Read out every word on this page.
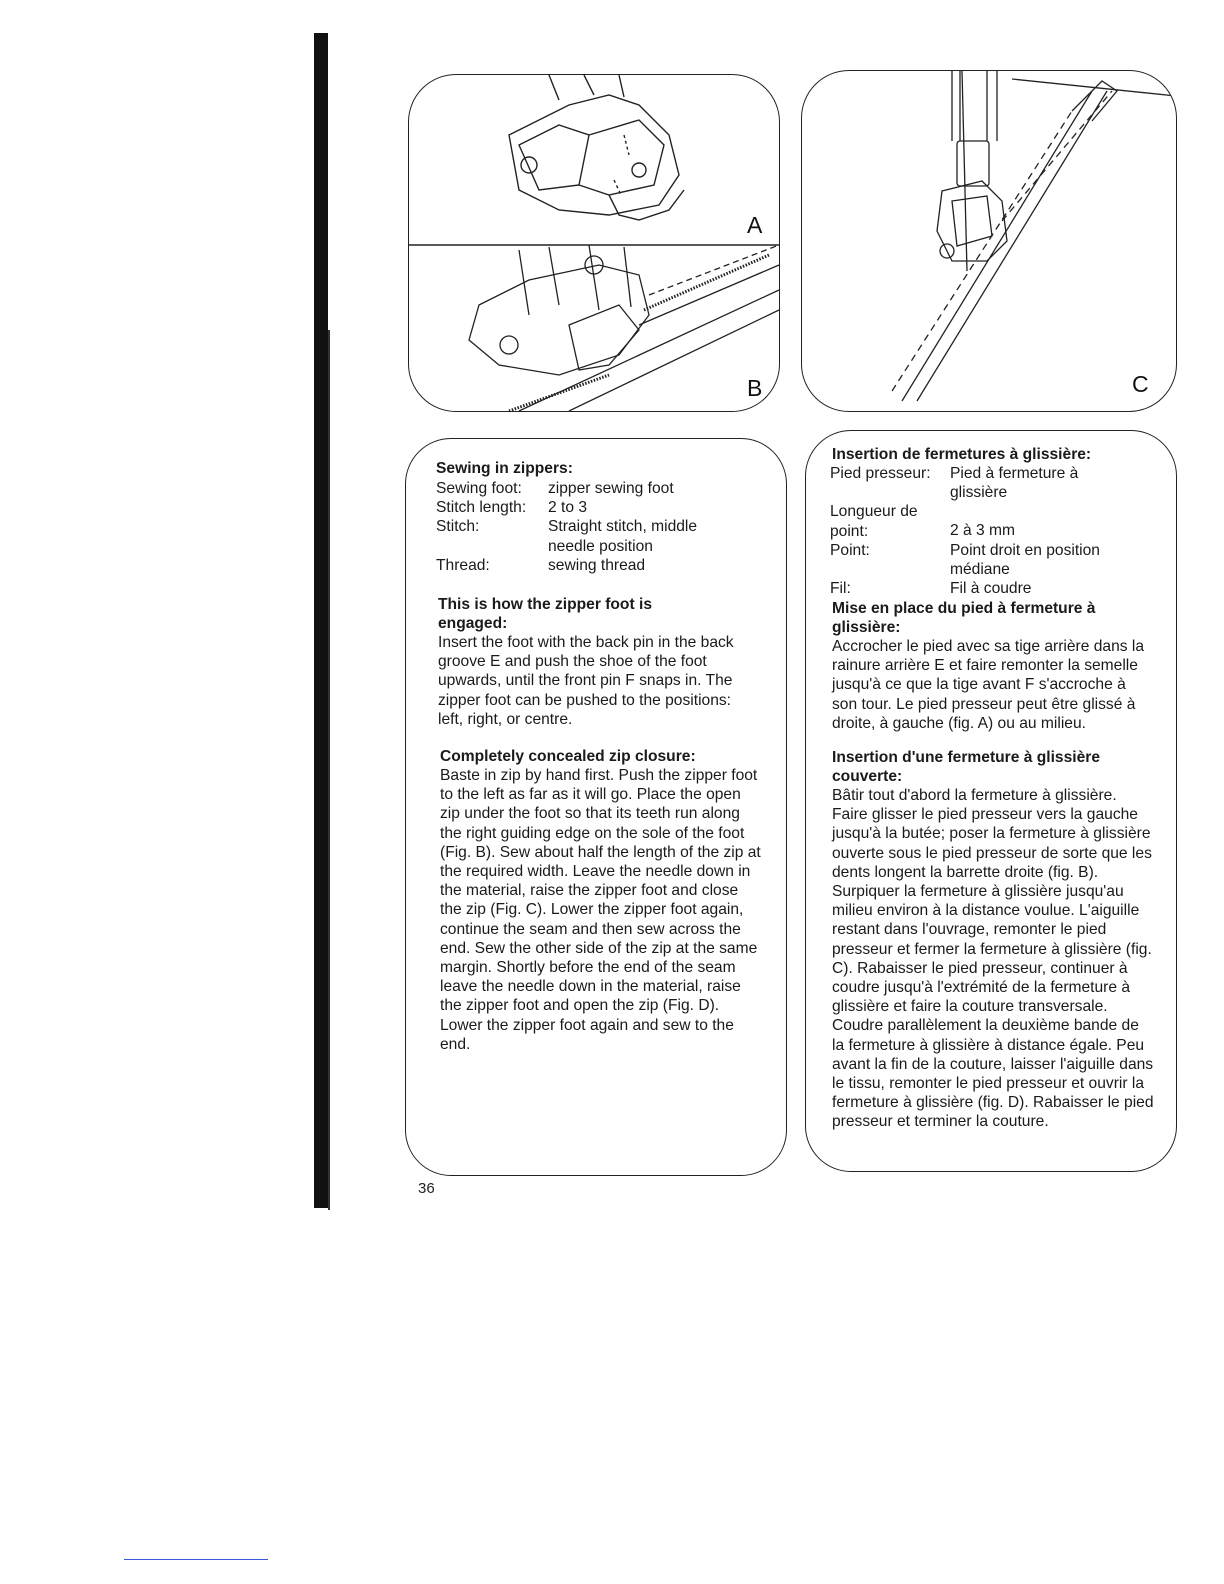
A
B	C
Sewing in zippers:
Sewing foot:	zipper sewing foot
Stitch length:	2 to 3
Stitch:	Straight stitch, middle needle position
Thread:	sewing thread
This is how the zipper foot is engaged:

Insert the foot with the back pin in the back groove E and push the shoe of the foot upwards, until the front pin F snaps in. The zipper foot can be pushed to the positions: left, right, or centre.

Completely concealed zip closure:

Baste in zip by hand first. Push the zipper foot to the left as far as it will go. Place the open zip under the foot so that its teeth run along the right guiding edge on the sole of the foot (Fig. B). Sew about half the length of the zip at the required width. Leave the needle down in the material, raise the zipper foot and close the zip (Fig. C). Lower the zipper foot again, continue the seam and then sew across the end. Sew the other side of the zip at the same margin. Shortly before the end of the seam leave the needle down in the material, raise the zipper foot and open the zip (Fig. D). Lower the zipper foot again and sew to the end.

Insertion de fermetures à glissière:
Pied presseur:	Pied à fermeture à glissière
Longueur de point:	2 à 3 mm
Point:	Point droit en position médiane
Fil:	Fil à coudre
Mise en place du pied à fermeture à glissière:

Accrocher le pied avec sa tige arrière dans la rainure arrière E et faire remonter la semelle jusqu'à ce que la tige avant F s'accroche à son tour. Le pied presseur peut être glissé à droite, à gauche (fig. A) ou au milieu.

Insertion d'une fermeture à glissière couverte:

Bâtir tout d'abord la fermeture à glissière. Faire glisser le pied presseur vers la gauche jusqu'à la butée; poser la fermeture à glissière ouverte sous le pied presseur de sorte que les dents longent la barrette droite (fig. B). Surpiquer la fermeture à glissière jusqu'au milieu environ à la distance voulue. L'aiguille restant dans l'ouvrage, remonter le pied presseur et fermer la fermeture à glissière (fig. C). Rabaisser le pied presseur, continuer à coudre jusqu'à l'extrémité de la fermeture à glissière et faire la couture transversale. Coudre parallèlement la deuxième bande de la fermeture à glissière à distance égale. Peu avant la fin de la couture, laisser l'aiguille dans le tissu, remonter le pied presseur et ouvrir la fermeture à glissière (fig. D). Rabaisser le pied presseur et terminer la couture.

36
